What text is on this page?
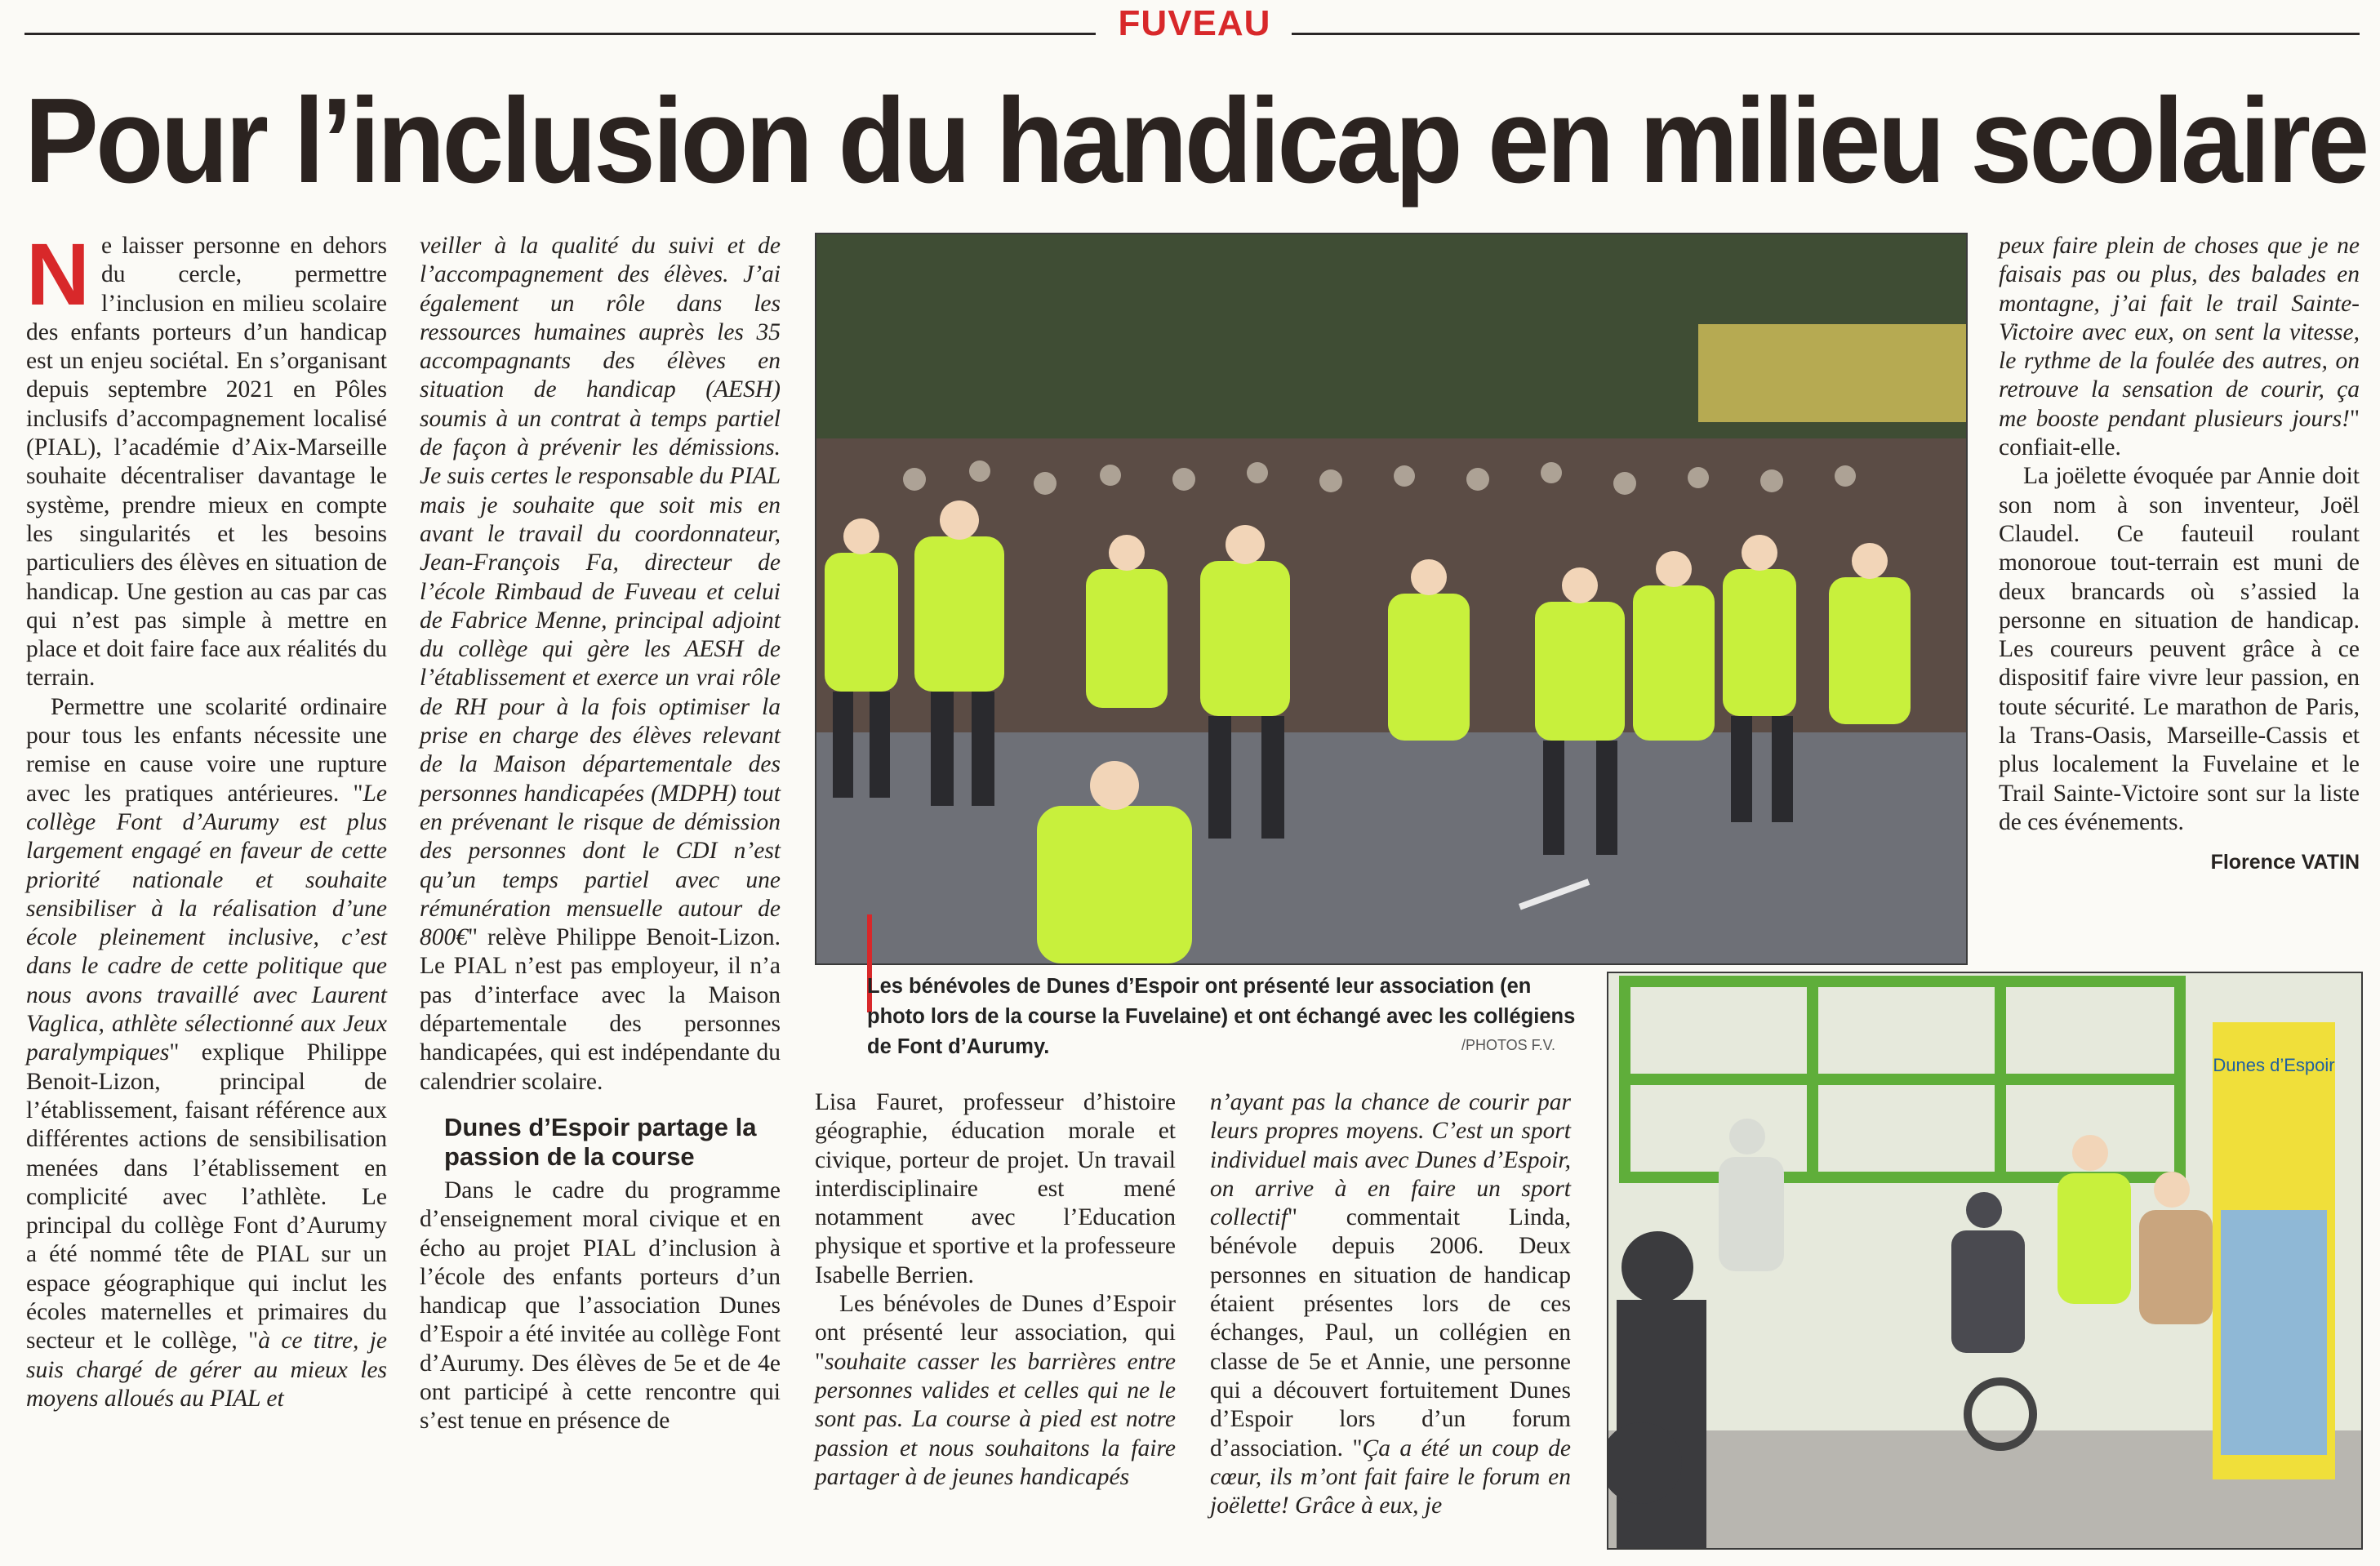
FUVEAU
Pour l’inclusion du handicap en milieu scolaire

Ne laisser personne en dehors du cercle, permettre l’inclusion en milieu scolaire des enfants porteurs d’un handicap est un enjeu sociétal. En s’organisant depuis septembre 2021 en Pôles inclusifs d’accompagnement localisé (PIAL), l’académie d’Aix-Marseille souhaite décentraliser davantage le système, prendre mieux en compte les singularités et les besoins particuliers des élèves en situation de handicap. Une gestion au cas par cas qui n’est pas simple à mettre en place et doit faire face aux réalités du terrain.

Permettre une scolarité ordinaire pour tous les enfants nécessite une remise en cause voire une rupture avec les pratiques antérieures. "Le collège Font d’Aurumy est plus largement engagé en faveur de cette priorité nationale et souhaite sensibiliser à la réalisation d’une école pleinement inclusive, c’est dans le cadre de cette politique que nous avons travaillé avec Laurent Vaglica, athlète sélectionné aux Jeux paralympiques" explique Philippe Benoit-Lizon, principal de l’établissement, faisant référence aux différentes actions de sensibilisation menées dans l’établissement en complicité avec l’athlète. Le principal du collège Font d’Aurumy a été nommé tête de PIAL sur un espace géographique qui inclut les écoles maternelles et primaires du secteur et le collège, "à ce titre, je suis chargé de gérer au mieux les moyens alloués au PIAL et

veiller à la qualité du suivi et de l’accompagnement des élèves. J’ai également un rôle dans les ressources humaines auprès les 35 accompagnants des élèves en situation de handicap (AESH) soumis à un contrat à temps partiel de façon à prévenir les démissions. Je suis certes le responsable du PIAL mais je souhaite que soit mis en avant le travail du coordonnateur, Jean-François Fa, directeur de l’école Rimbaud de Fuveau et celui de Fabrice Menne, principal adjoint du collège qui gère les AESH de l’établissement et exerce un vrai rôle de RH pour à la fois optimiser la prise en charge des élèves relevant de la Maison départementale des personnes handicapées (MDPH) tout en prévenant le risque de démission des personnes dont le CDI n’est qu’un temps partiel avec une rémunération mensuelle autour de 800€" relève Philippe Benoit-Lizon. Le PIAL n’est pas employeur, il n’a pas d’interface avec la Maison départementale des personnes handicapées, qui est indépendante du calendrier scolaire.

Dunes d’Espoir partage la passion de la course

Dans le cadre du programme d’enseignement moral civique et en écho au projet PIAL d’inclusion à l’école des enfants porteurs d’un handicap que l’association Dunes d’Espoir a été invitée au collège Font d’Aurumy. Des élèves de 5e et de 4e ont participé à cette rencontre qui s’est tenue en présence de

Les bénévoles de Dunes d’Espoir ont présenté leur association (en photo lors de la course la Fuvelaine) et ont échangé avec les collégiens de Font d’Aurumy.	/PHOTOS F.V.

Lisa Fauret, professeur d’histoire géographie, éducation morale et civique, porteur de projet. Un travail interdisciplinaire est mené notamment avec l’Education physique et sportive et la professeure Isabelle Berrien.

Les bénévoles de Dunes d’Espoir ont présenté leur association, qui "souhaite casser les barrières entre personnes valides et celles qui ne le sont pas. La course à pied est notre passion et nous souhaitons la faire partager à de jeunes handicapés

n’ayant pas la chance de courir par leurs propres moyens. C’est un sport individuel mais avec Dunes d’Espoir, on arrive à en faire un sport collectif" commentait Linda, bénévole depuis 2006. Deux personnes en situation de handicap étaient présentes lors de ces échanges, Paul, un collégien en classe de 5e et Annie, une personne qui a découvert fortuitement Dunes d’Espoir lors d’un forum d’association. "Ça a été un coup de cœur, ils m’ont fait faire le forum en joëlette! Grâce à eux, je

peux faire plein de choses que je ne faisais pas ou plus, des balades en montagne, j’ai fait le trail Sainte-Victoire avec eux, on sent la vitesse, le rythme de la foulée des autres, on retrouve la sensation de courir, ça me booste pendant plusieurs jours!" confiait-elle.

La joëlette évoquée par Annie doit son nom à son inventeur, Joël Claudel. Ce fauteuil roulant monoroue tout-terrain est muni de deux brancards où s’assied la personne en situation de handicap. Les coureurs peuvent grâce à ce dispositif faire vivre leur passion, en toute sécurité. Le marathon de Paris, la Trans-Oasis, Marseille-Cassis et plus localement la Fuvelaine et le Trail Sainte-Victoire sont sur la liste de ces événements.

Florence VATIN
Dunes d’Espoir
